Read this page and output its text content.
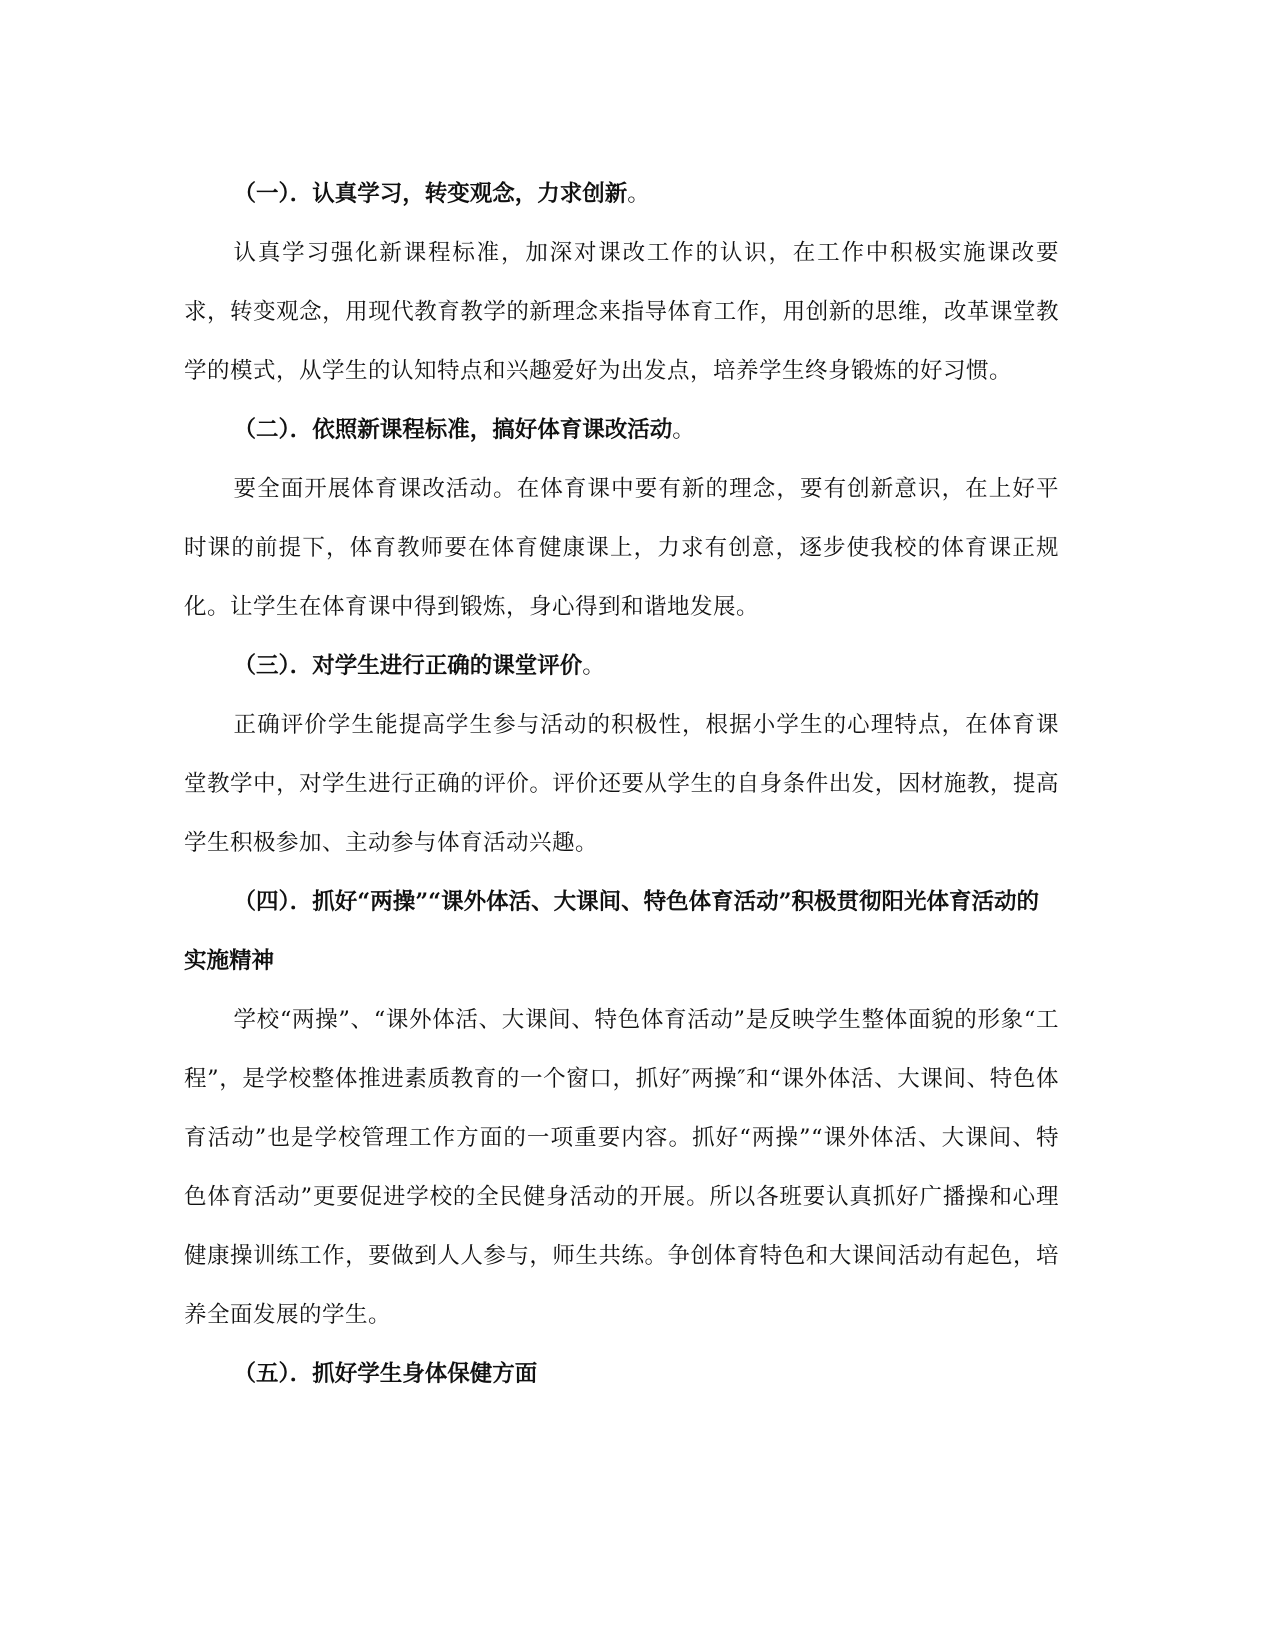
（一）．认真学习，转变观念，力求创新。

认真学习强化新课程标准，加深对课改工作的认识，在工作中积极实施课改要求，转变观念，用现代教育教学的新理念来指导体育工作，用创新的思维，改革课堂教学的模式，从学生的认知特点和兴趣爱好为出发点，培养学生终身锻炼的好习惯。

（二）．依照新课程标准，搞好体育课改活动。

要全面开展体育课改活动。在体育课中要有新的理念，要有创新意识，在上好平时课的前提下，体育教师要在体育健康课上，力求有创意，逐步使我校的体育课正规化。让学生在体育课中得到锻炼，身心得到和谐地发展。

（三）．对学生进行正确的课堂评价。

正确评价学生能提高学生参与活动的积极性，根据小学生的心理特点，在体育课堂教学中，对学生进行正确的评价。评价还要从学生的自身条件出发，因材施教，提高学生积极参加、主动参与体育活动兴趣。

（四）．抓好“两操”“课外体活、大课间、特色体育活动”积极贯彻阳光体育活动的实施精神

学校“两操”、“课外体活、大课间、特色体育活动”是反映学生整体面貌的形象“工程”，是学校整体推进素质教育的一个窗口，抓好″两操″和“课外体活、大课间、特色体育活动”也是学校管理工作方面的一项重要内容。抓好“两操”“课外体活、大课间、特色体育活动”更要促进学校的全民健身活动的开展。所以各班要认真抓好广播操和心理健康操训练工作，要做到人人参与，师生共练。争创体育特色和大课间活动有起色，培养全面发展的学生。

（五）．抓好学生身体保健方面
